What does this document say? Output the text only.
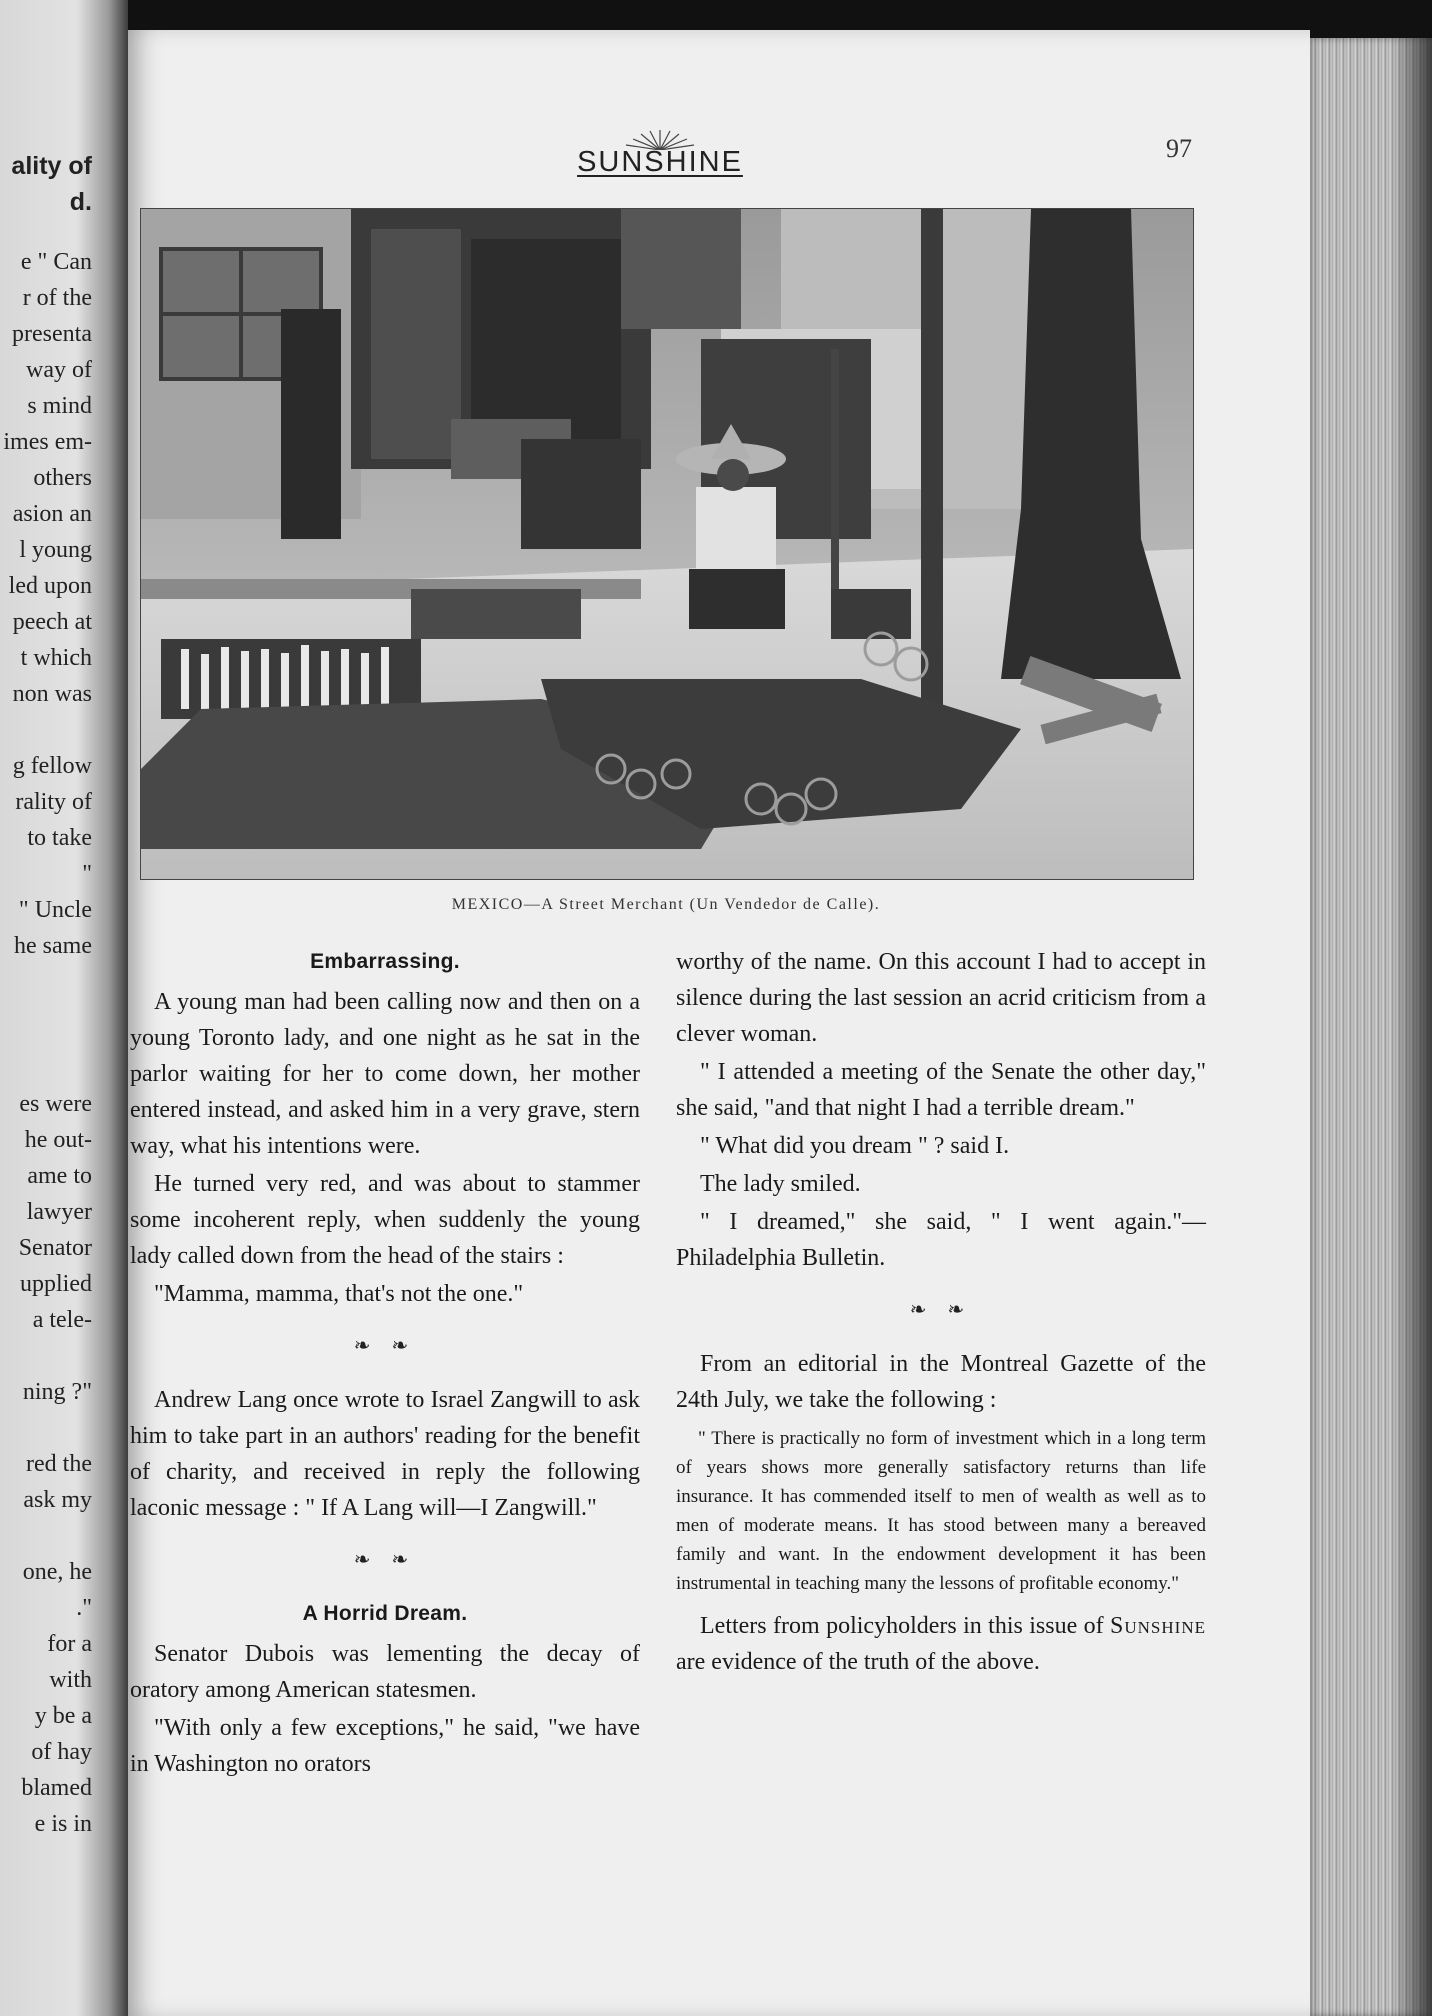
ality of
d.
e " Can
r of the
presenta
way of
s mind
imes em-
others
asion an
l young
led upon
peech at
t which
non was
g fellow
rality of
to take
"
" Uncle
he same
es were
he out-
ame to
lawyer
Senator
upplied
a tele-
ning ?"
red the
ask my
one, he
."
for a
with
y be a
of hay
blamed
e is in
SUNSHINE	97
MEXICO—A Street Merchant (Un Vendedor de Calle).
Embarrassing.

A young man had been calling now and then on a young Toronto lady, and one night as he sat in the parlor waiting for her to come down, her mother entered instead, and asked him in a very grave, stern way, what his intentions were.

He turned very red, and was about to stammer some incoherent reply, when suddenly the young lady called down from the head of the stairs :

"Mamma, mamma, that's not the one."

❧ ❧

Andrew Lang once wrote to Israel Zangwill to ask him to take part in an authors' reading for the benefit of charity, and received in reply the following laconic message : " If A Lang will—I Zangwill."

❧ ❧
A Horrid Dream.

Senator Dubois was lementing the decay of oratory among American statesmen.

"With only a few exceptions," he said, "we have in Washington no orators

worthy of the name. On this account I had to accept in silence during the last session an acrid criticism from a clever woman.

" I attended a meeting of the Senate the other day," she said, "and that night I had a terrible dream."

" What did you dream " ? said I.

The lady smiled.

" I dreamed," she said, " I went again."—Philadelphia Bulletin.

❧ ❧

From an editorial in the Montreal Gazette of the 24th July, we take the following :

" There is practically no form of investment which in a long term of years shows more generally satisfactory returns than life insurance. It has commended itself to men of wealth as well as to men of moderate means. It has stood between many a bereaved family and want. In the endowment development it has been instrumental in teaching many the lessons of profitable economy."

Letters from policyholders in this issue of Sunshine are evidence of the truth of the above.
